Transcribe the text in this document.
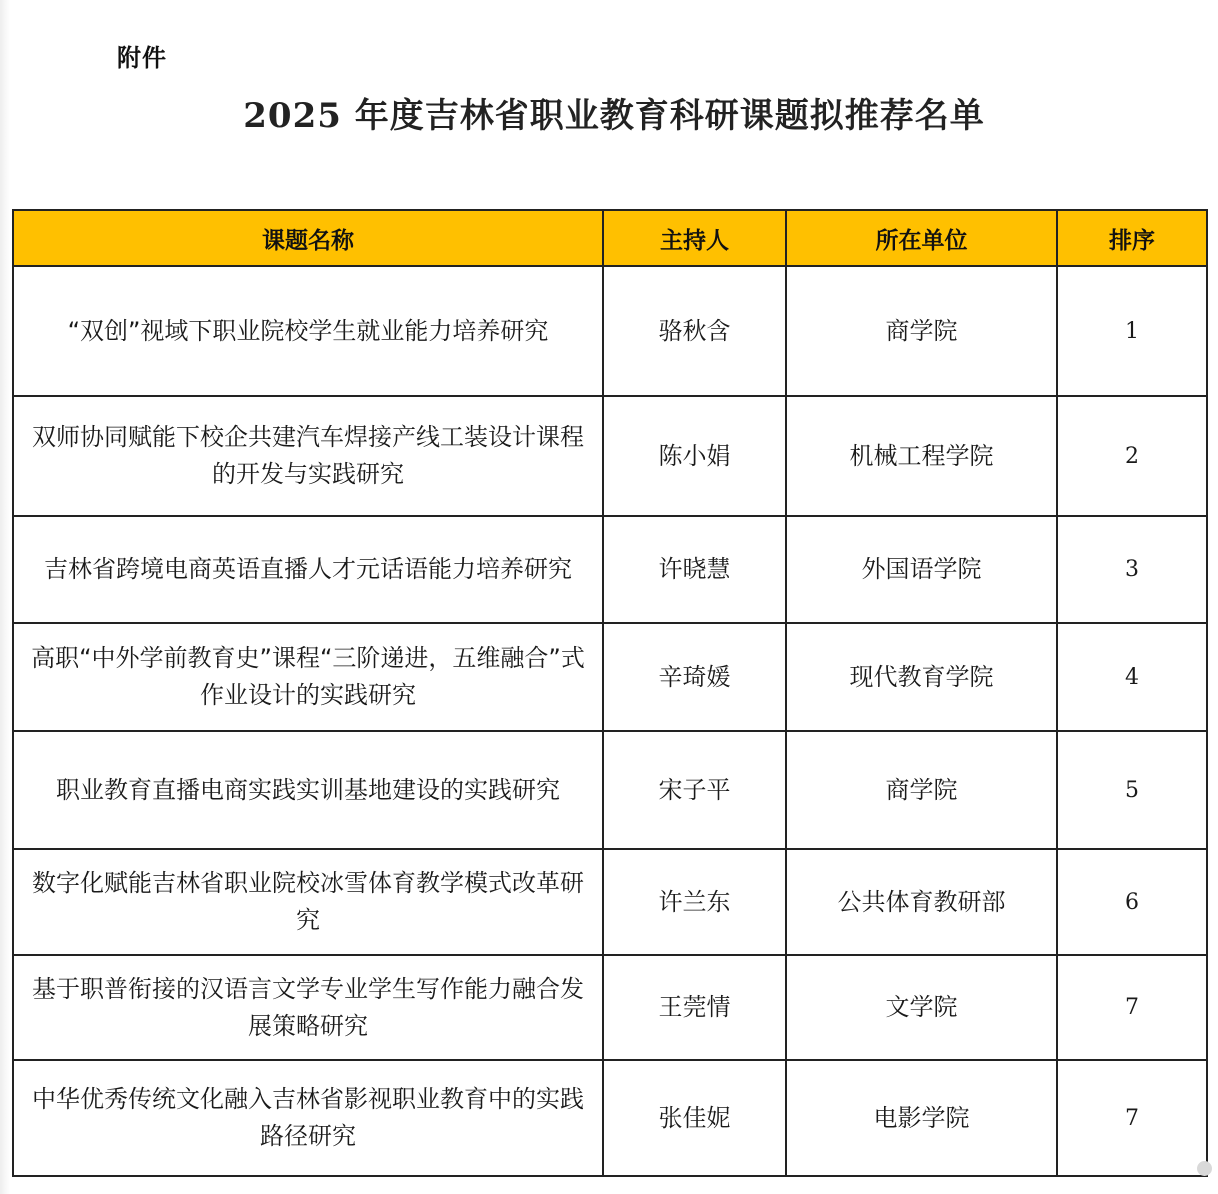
附件
2025 年度吉林省职业教育科研课题拟推荐名单
课题名称	主持人	所在单位	排序
“双创”视域下职业院校学生就业能力培养研究	骆秋含	商学院	1
双师协同赋能下校企共建汽车焊接产线工装设计课程的开发与实践研究	陈小娟	机械工程学院	2
吉林省跨境电商英语直播人才元话语能力培养研究	许晓慧	外国语学院	3
高职“中外学前教育史”课程“三阶递进，五维融合”式作业设计的实践研究	辛琦媛	现代教育学院	4
职业教育直播电商实践实训基地建设的实践研究	宋子平	商学院	5
数字化赋能吉林省职业院校冰雪体育教学模式改革研究	许兰东	公共体育教研部	6
基于职普衔接的汉语言文学专业学生写作能力融合发展策略研究	王莞情	文学院	7
中华优秀传统文化融入吉林省影视职业教育中的实践路径研究	张佳妮	电影学院	7
